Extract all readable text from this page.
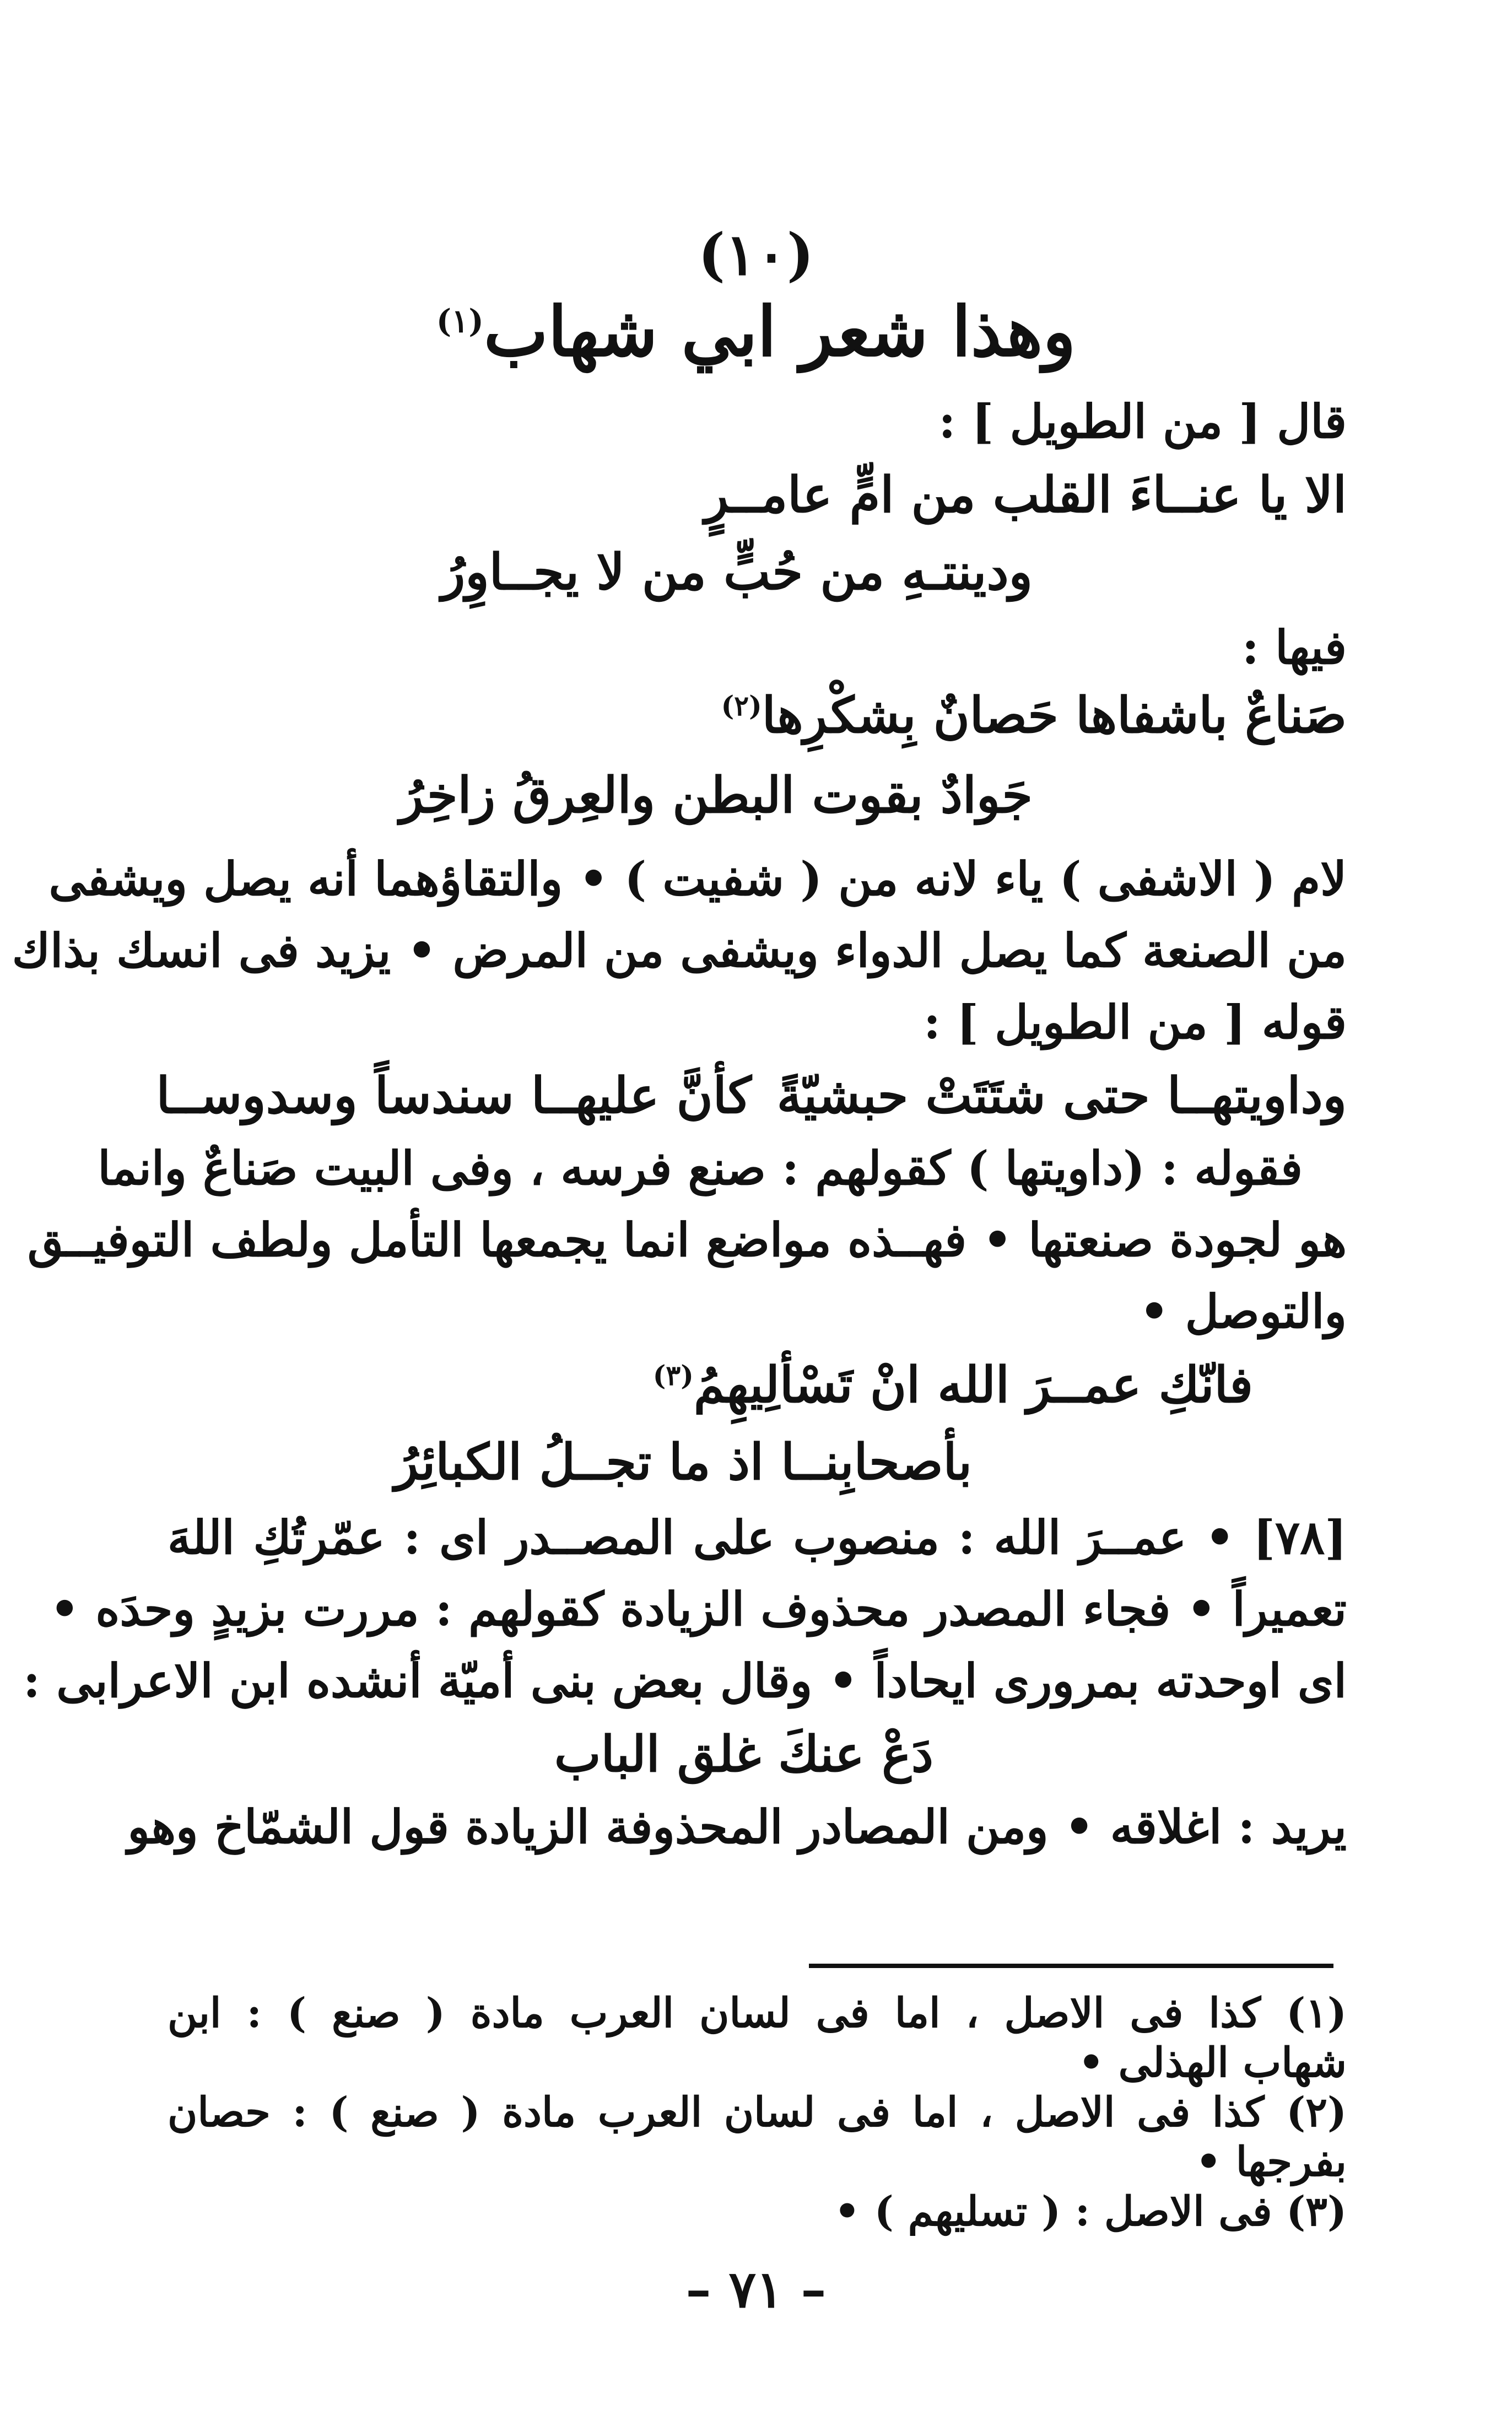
(١٠)
وهذا شعر ابي شهاب$^{(١)}$
قال [ من الطويل ] :
الا يا عنــاءَ القلب من امٍّ عامــرٍ
ودينتـهِ من حُبٍّ من لا يجــاوِرُ
فيها :
صَناعٌ باشفاها حَصانٌ بِشكْرِها$^{(٢)}$
جَوادٌ بقوت البطن والعِرقُ زاخِرُ
لام ( الاشفى ) ياء لانه من ( شفيت ) • والتقاؤهما أنه يصل ويشفى
من الصنعة كما يصل الدواء ويشفى من المرض • يزيد فى انسك بذاك
قوله [ من الطويل ] :
وداويتهــا حتى شتَتَتْ حبشيّةً
كأنَّ عليهــا سندساً وسدوســا
فقوله : (داويتها ) كقولهم : صنع فرسه ، وفى البيت صَناعٌ وانما
هو لجودة صنعتها • فهــذه مواضع انما يجمعها التأمل ولطف التوفيــق
والتوصل •
فانّكِ عمــرَ الله انْ تَسْألِيهِمُ$^{(٣)}$
بأصحابِنــا اذ ما تجــلُ الكبائِرُ
[٧٨] • عمــرَ الله : منصوب على المصــدر اى : عمّرتُكِ اللهَ
تعميراً • فجاء المصدر محذوف الزيادة كقولهم : مررت بزيدٍ وحدَه •
اى اوحدته بمرورى ايحاداً • وقال بعض بنى أميّة أنشده ابن الاعرابى :
دَعْ عنكَ غلق الباب
يريد : اغلاقه • ومن المصادر المحذوفة الزيادة قول الشمّاخ وهو
(١) كذا فى الاصل ، اما فى لسان العرب مادة ( صنع ) : ابن
شهاب الهذلى •
(٢) كذا فى الاصل ، اما فى لسان العرب مادة ( صنع ) : حصان
بفرجها •
(٣) فى الاصل : ( تسليهم ) •
– ٧١ –
